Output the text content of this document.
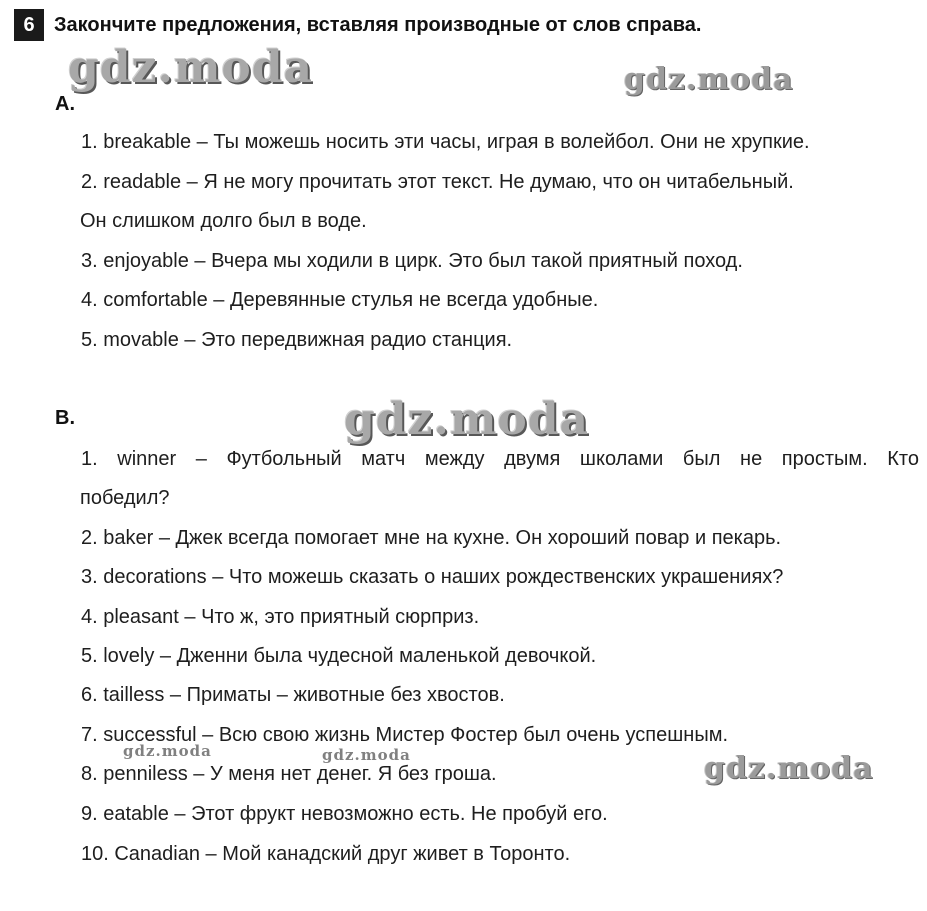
6 Закончите предложения, вставляя производные от слов справа.
A.
1. breakable – Ты можешь носить эти часы, играя в волейбол. Они не хрупкие.
2. readable – Я не могу прочитать этот текст. Не думаю, что он читабельный.
Он слишком долго был в воде.
3. enjoyable – Вчера мы ходили в цирк. Это был такой приятный поход.
4. comfortable – Деревянные стулья не всегда удобные.
5. movable – Это передвижная радио станция.
B.
1. winner – Футбольный матч между двумя школами был не простым. Кто
победил?
2. baker – Джек всегда помогает мне на кухне. Он хороший повар и пекарь.
3. decorations – Что можешь сказать о наших рождественских украшениях?
4. pleasant – Что ж, это приятный сюрприз.
5. lovely – Дженни была чудесной маленькой девочкой.
6. tailless – Приматы – животные без хвостов.
7. successful – Всю свою жизнь Мистер Фостер был очень успешным.
8. penniless – У меня нет денег. Я без гроша.
9. eatable – Этот фрукт невозможно есть. Не пробуй его.
10. Canadian – Мой канадский друг живет в Торонто.
gdz.moda	gdz.moda
gdz.moda
gdz.moda	gdz.moda	gdz.moda
